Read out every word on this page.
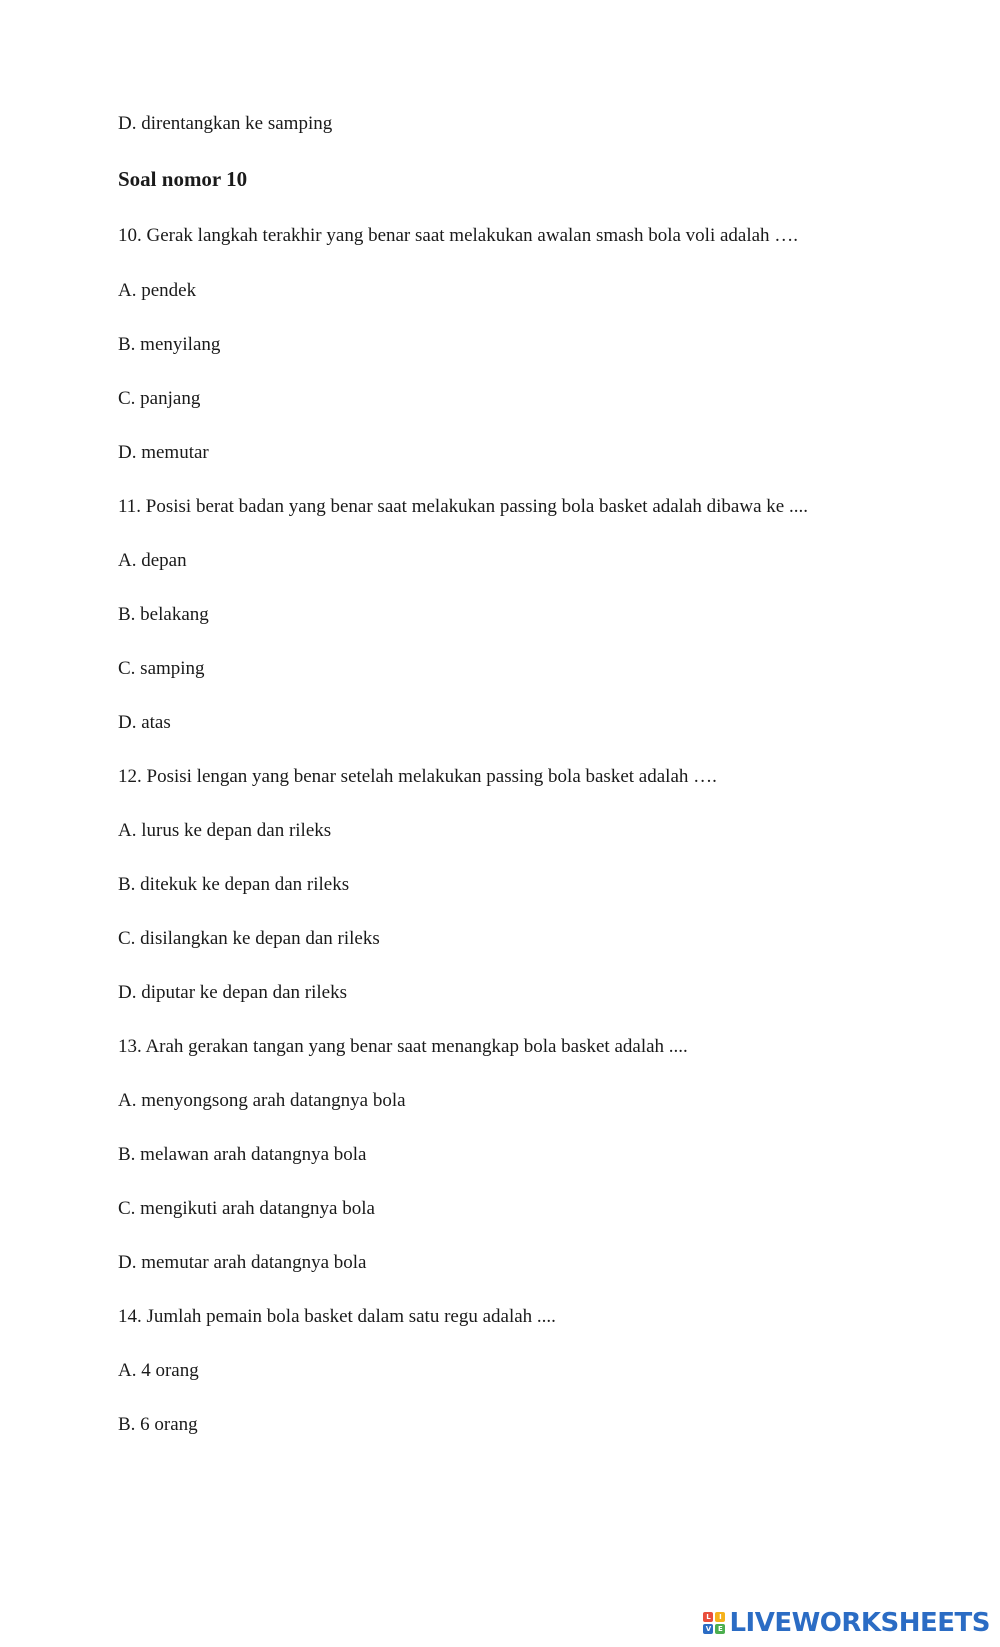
D. direntangkan ke samping
Soal nomor 10
10. Gerak langkah terakhir yang benar saat melakukan awalan smash bola voli adalah ….
A. pendek
B. menyilang
C. panjang
D. memutar
11. Posisi berat badan yang benar saat melakukan passing bola basket adalah dibawa ke ....
A. depan
B. belakang
C. samping
D. atas
12. Posisi lengan yang benar setelah melakukan passing bola basket adalah ….
A. lurus ke depan dan rileks
B. ditekuk ke depan dan rileks
C. disilangkan ke depan dan rileks
D. diputar ke depan dan rileks
13. Arah gerakan tangan yang benar saat menangkap bola basket adalah ....
A. menyongsong arah datangnya bola
B. melawan arah datangnya bola
C. mengikuti arah datangnya bola
D. memutar arah datangnya bola
14. Jumlah pemain bola basket dalam satu regu adalah ....
A. 4 orang
B. 6 orang
L	I
V E LIVEWORKSHEETS
